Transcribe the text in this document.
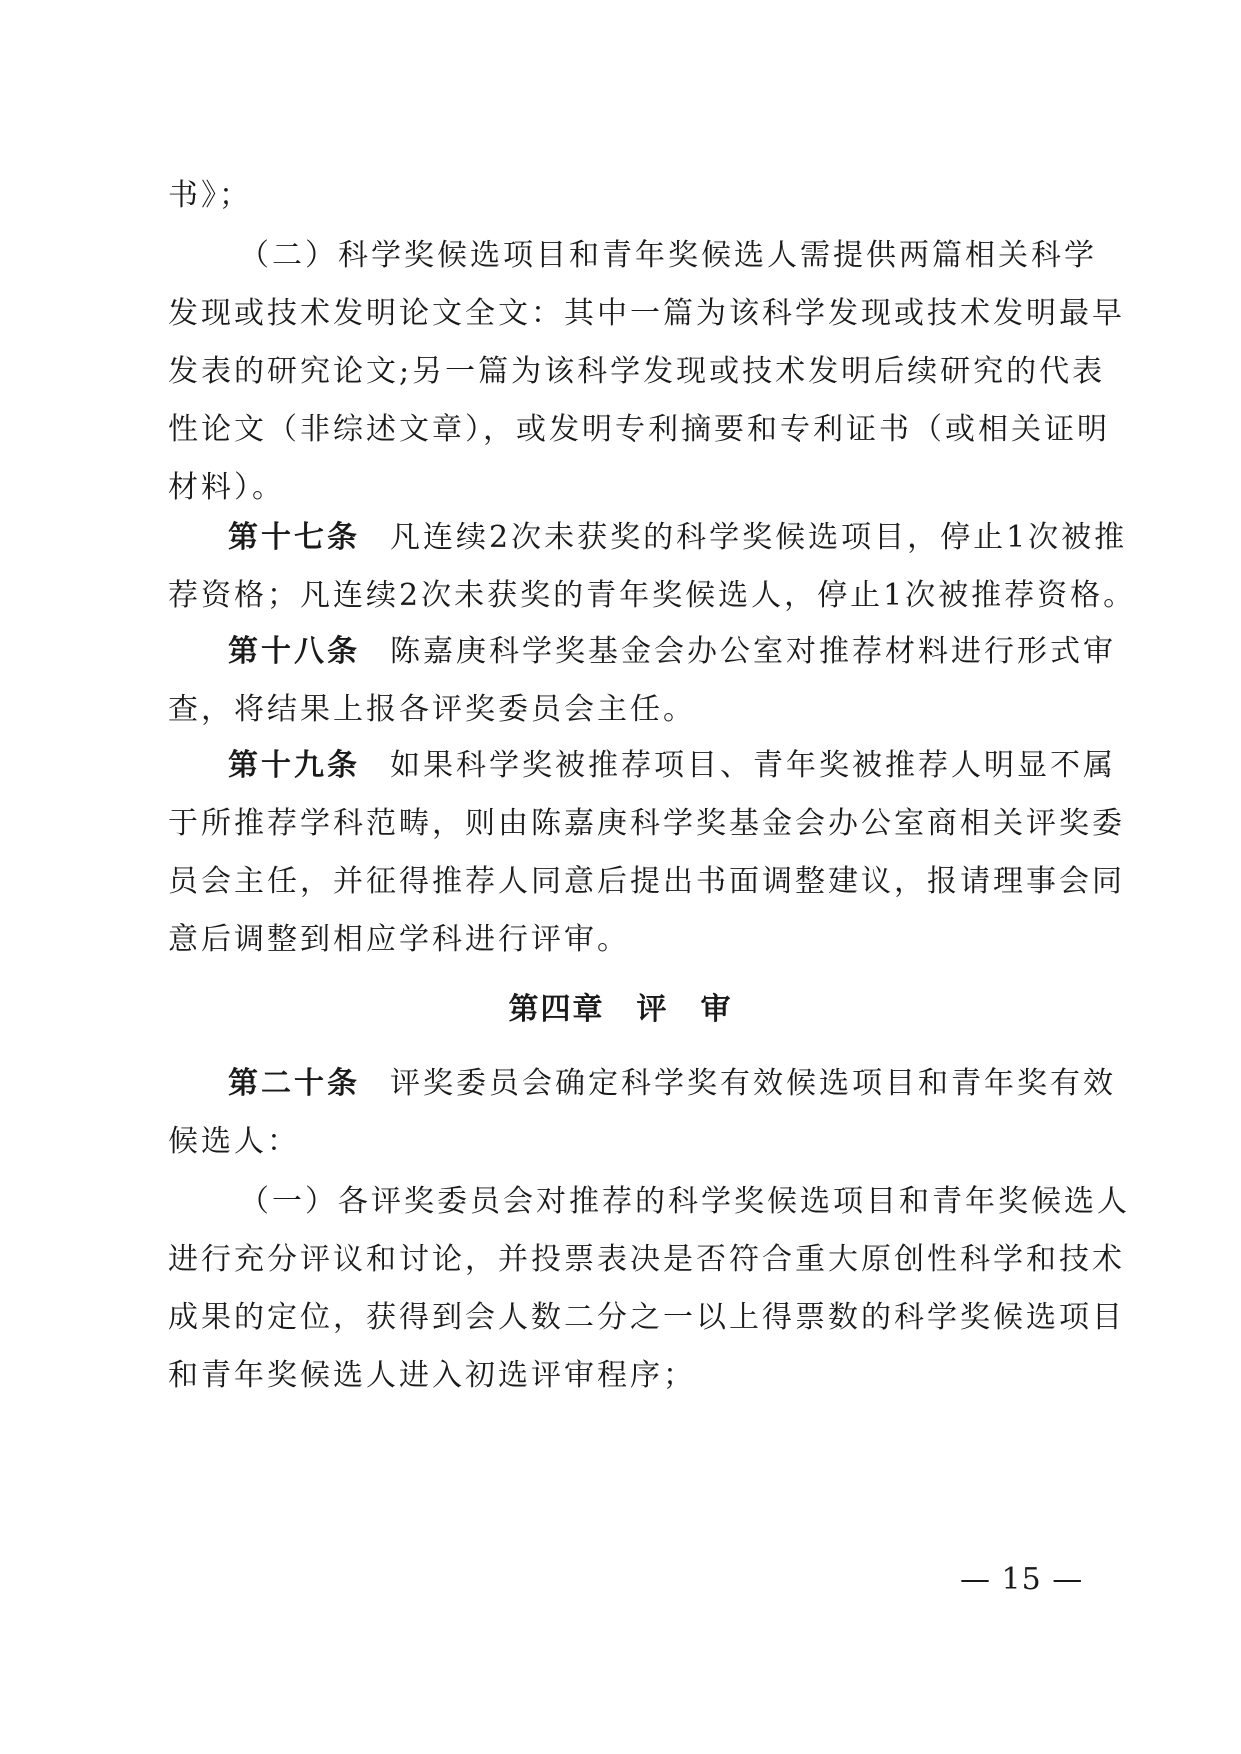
书》；
（二）科学奖候选项目和青年奖候选人需提供两篇相关科学
发现或技术发明论文全文：其中一篇为该科学发现或技术发明最早
发表的研究论文;另一篇为该科学发现或技术发明后续研究的代表
性论文（非综述文章），或发明专利摘要和专利证书（或相关证明
材料）。
第十七条 凡连续2次未获奖的科学奖候选项目，停止1次被推
荐资格；凡连续2次未获奖的青年奖候选人，停止1次被推荐资格。
第十八条 陈嘉庚科学奖基金会办公室对推荐材料进行形式审
查，将结果上报各评奖委员会主任。
第十九条 如果科学奖被推荐项目、青年奖被推荐人明显不属
于所推荐学科范畴，则由陈嘉庚科学奖基金会办公室商相关评奖委
员会主任，并征得推荐人同意后提出书面调整建议，报请理事会同
意后调整到相应学科进行评审。
第四章 评 审
第二十条 评奖委员会确定科学奖有效候选项目和青年奖有效
候选人：
（一）各评奖委员会对推荐的科学奖候选项目和青年奖候选人
进行充分评议和讨论，并投票表决是否符合重大原创性科学和技术
成果的定位，获得到会人数二分之一以上得票数的科学奖候选项目
和青年奖候选人进入初选评审程序；
— 15 —
